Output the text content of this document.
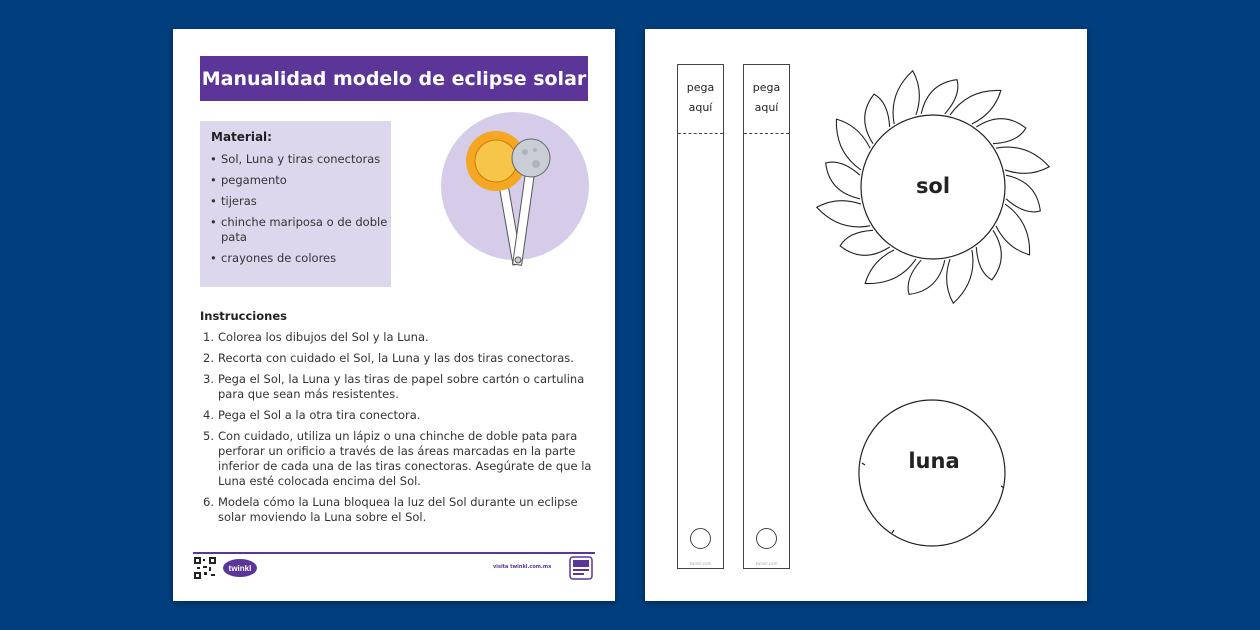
Manualidad modelo de eclipse solar
Material:
• Sol, Luna y tiras conectoras
• pegamento
• tijeras
• chinche mariposa o de doble pata
• crayones de colores
Instrucciones
1. Colorea los dibujos del Sol y la Luna.
2. Recorta con cuidado el Sol, la Luna y las dos tiras conectoras.
3. Pega el Sol, la Luna y las tiras de papel sobre cartón o cartulina para que sean más resistentes.
4. Pega el Sol a la otra tira conectora.
5. Con cuidado, utiliza un lápiz o una chinche de doble pata para perforar un orificio a través de las áreas marcadas en la parte inferior de cada una de las tiras conectoras. Asegúrate de que la Luna esté colocada encima del Sol.
6. Modela cómo la Luna bloquea la luz del Sol durante un eclipse solar moviendo la Luna sobre el Sol.
twinkl	visita twinkl.com.mx
pega
aquí
twinkl.com
pega
aquí
twinkl.com
sol
luna
